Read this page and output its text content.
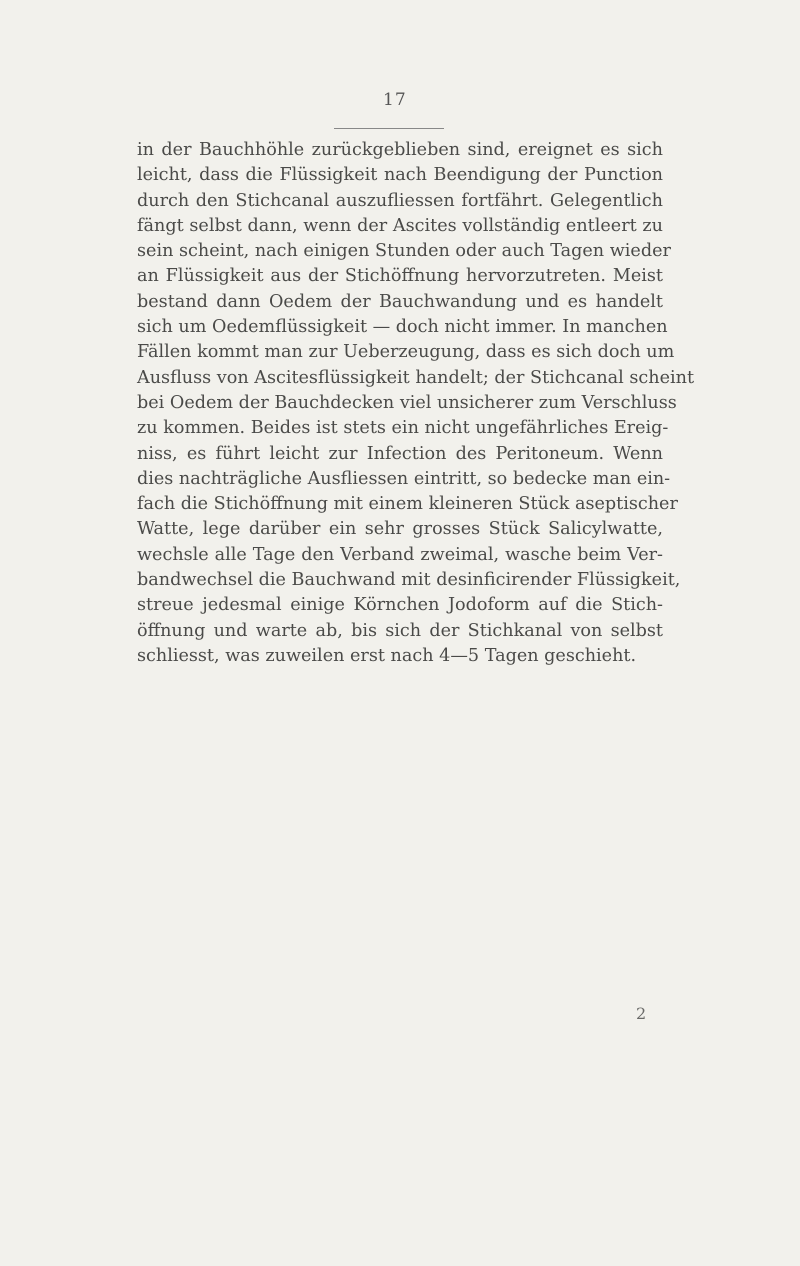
17
in der Bauchhöhle zurückgeblieben sind, ereignet es sich
leicht, dass die Flüssigkeit nach Beendigung der Punction
durch den Stichcanal auszufliessen fortfährt. Gelegentlich
fängt selbst dann, wenn der Ascites vollständig entleert zu
sein scheint, nach einigen Stunden oder auch Tagen wieder
an Flüssigkeit aus der Stichöffnung hervorzutreten. Meist
bestand dann Oedem der Bauchwandung und es handelt
sich um Oedemflüssigkeit — doch nicht immer. In manchen
Fällen kommt man zur Ueberzeugung, dass es sich doch um
Ausfluss von Ascitesflüssigkeit handelt; der Stichcanal scheint
bei Oedem der Bauchdecken viel unsicherer zum Verschluss
zu kommen. Beides ist stets ein nicht ungefährliches Ereig-
niss, es führt leicht zur Infection des Peritoneum. Wenn
dies nachträgliche Ausfliessen eintritt, so bedecke man ein-
fach die Stichöffnung mit einem kleineren Stück aseptischer
Watte, lege darüber ein sehr grosses Stück Salicylwatte,
wechsle alle Tage den Verband zweimal, wasche beim Ver-
bandwechsel die Bauchwand mit desinficirender Flüssigkeit,
streue jedesmal einige Körnchen Jodoform auf die Stich-
öffnung und warte ab, bis sich der Stichkanal von selbst
schliesst, was zuweilen erst nach 4—5 Tagen geschieht.
2
